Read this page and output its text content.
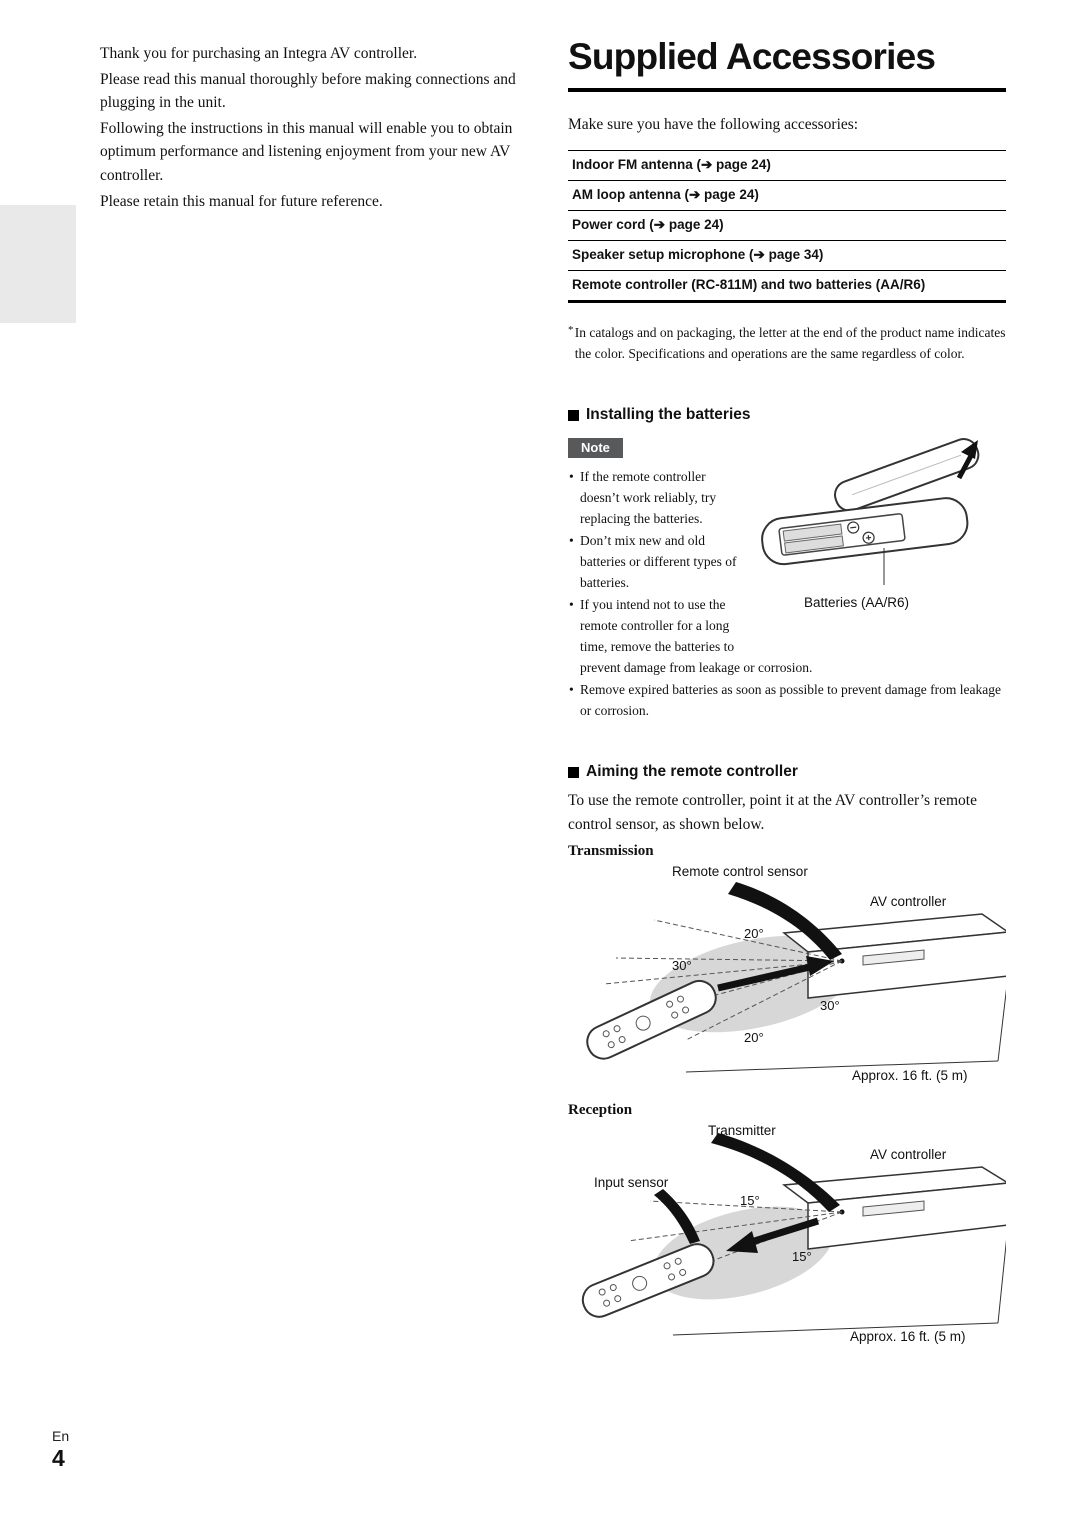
Thank you for purchasing an Integra AV controller.

Please read this manual thoroughly before making connections and plugging in the unit.

Following the instructions in this manual will enable you to obtain optimum performance and listening enjoyment from your new AV controller.

Please retain this manual for future reference.

Supplied Accessories
Make sure you have the following accessories:
Indoor FM antenna (➔ page 24)
AM loop antenna (➔ page 24)
Power cord (➔ page 24)
Speaker setup microphone (➔ page 34)
Remote controller (RC-811M) and two batteries (AA/R6)
* In catalogs and on packaging, the letter at the end of the product name indicates the color. Specifications and operations are the same regardless of color.
Installing the batteries
Batteries (AA/R6)
Note
• If the remote controller doesn’t work reliably, try replacing the batteries.
• Don’t mix new and old batteries or different types of batteries.
• If you intend not to use the remote controller for a long time, remove the batteries to prevent damage from leakage or corrosion.
• Remove expired batteries as soon as possible to prevent damage from leakage or corrosion.
Aiming the remote controller
To use the remote controller, point it at the AV controller’s remote control sensor, as shown below.
Transmission
Remote control sensor
AV controller
20°
30°
30°
20°
Approx. 16 ft. (5 m)
Reception
Transmitter
AV controller
Input sensor
15°
15°
Approx. 16 ft. (5 m)
En
4
